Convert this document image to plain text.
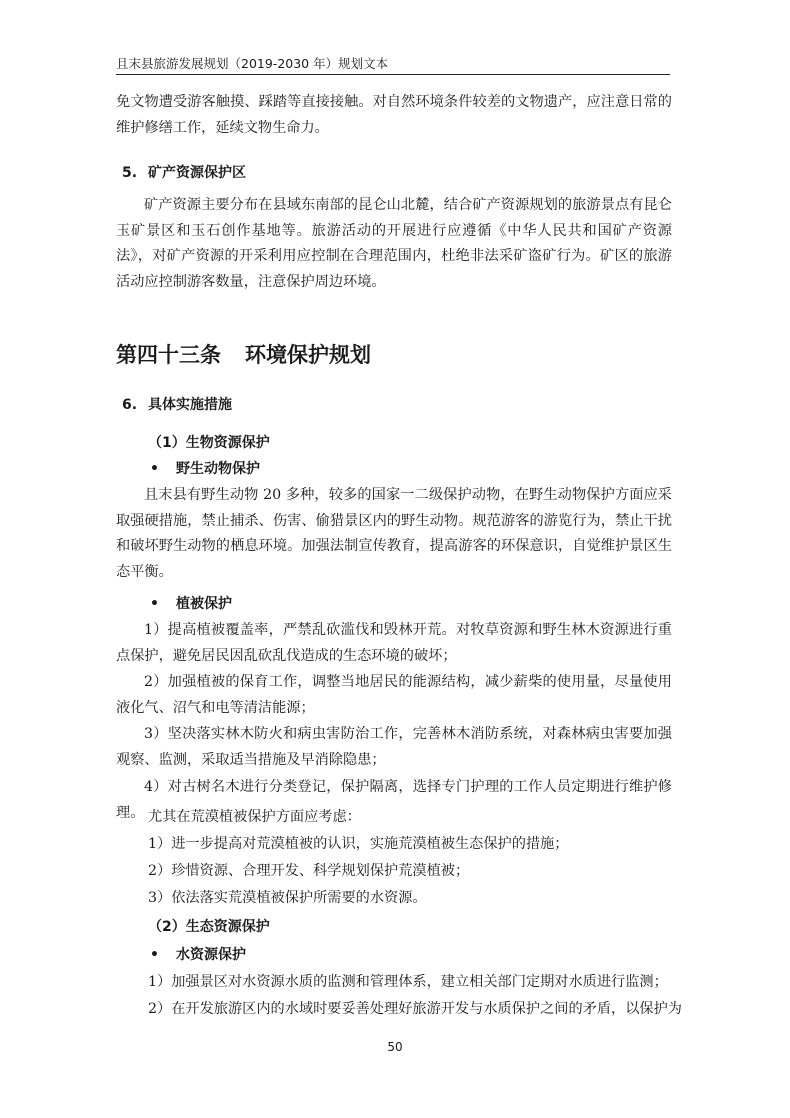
且末县旅游发展规划（2019-2030 年）规划文本
免文物遭受游客触摸、踩踏等直接接触。对自然环境条件较差的文物遗产，应注意日常的维护修缮工作，延续文物生命力。
5. 矿产资源保护区
矿产资源主要分布在县域东南部的昆仑山北麓，结合矿产资源规划的旅游景点有昆仑玉矿景区和玉石创作基地等。旅游活动的开展进行应遵循《中华人民共和国矿产资源法》，对矿产资源的开采利用应控制在合理范围内，杜绝非法采矿盗矿行为。矿区的旅游活动应控制游客数量，注意保护周边环境。
第四十三条 环境保护规划
6. 具体实施措施
（1）生物资源保护
• 野生动物保护
且末县有野生动物 20 多种，较多的国家一二级保护动物，在野生动物保护方面应采取强硬措施，禁止捕杀、伤害、偷猎景区内的野生动物。规范游客的游览行为，禁止干扰和破坏野生动物的栖息环境。加强法制宣传教育，提高游客的环保意识，自觉维护景区生态平衡。
• 植被保护
1）提高植被覆盖率，严禁乱砍滥伐和毁林开荒。对牧草资源和野生林木资源进行重点保护，避免居民因乱砍乱伐造成的生态环境的破坏；
2）加强植被的保育工作，调整当地居民的能源结构，减少薪柴的使用量，尽量使用液化气、沼气和电等清洁能源；
3）坚决落实林木防火和病虫害防治工作，完善林木消防系统，对森林病虫害要加强观察、监测，采取适当措施及早消除隐患；
4）对古树名木进行分类登记，保护隔离，选择专门护理的工作人员定期进行维护修理。 尤其在荒漠植被保护方面应考虑：
1）进一步提高对荒漠植被的认识，实施荒漠植被生态保护的措施；
2）珍惜资源、合理开发、科学规划保护荒漠植被；
3）依法落实荒漠植被保护所需要的水资源。
（2）生态资源保护
• 水资源保护
1）加强景区对水资源水质的监测和管理体系，建立相关部门定期对水质进行监测；
2）在开发旅游区内的水域时要妥善处理好旅游开发与水质保护之间的矛盾，以保护为
50
